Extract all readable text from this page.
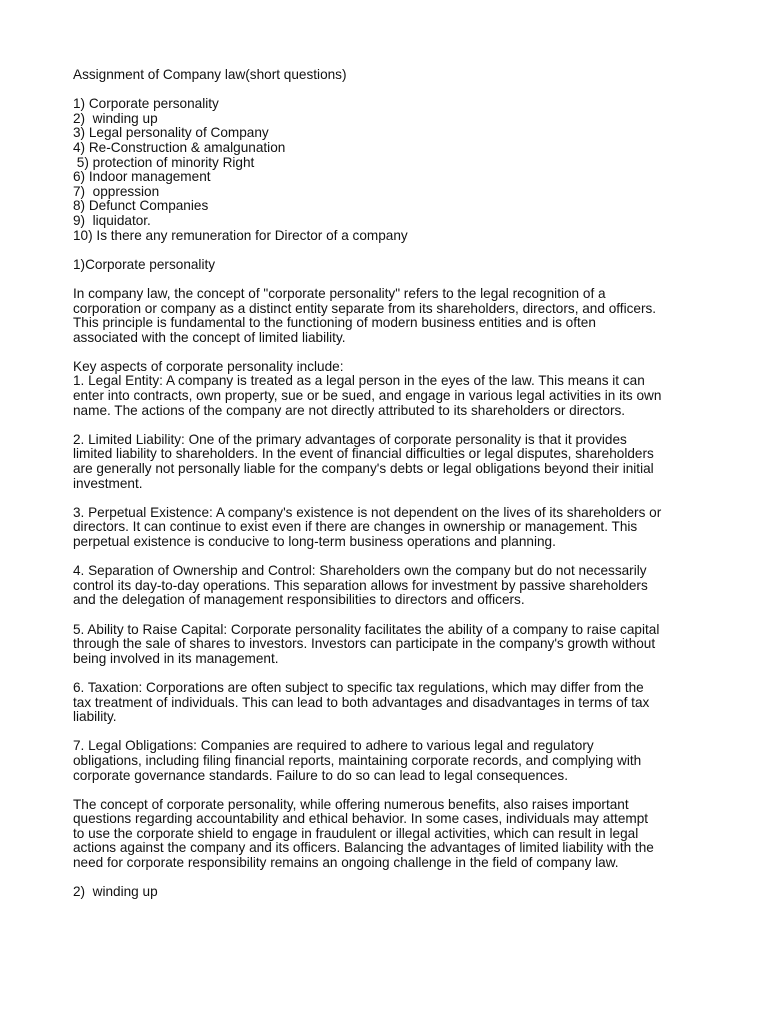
Assignment of Company law(short questions)
1) Corporate personality
2)  winding up
3) Legal personality of Company
4) Re-Construction & amalgunation
5) protection of minority Right
6) Indoor management
7)  oppression
8) Defunct Companies
9)  liquidator.
10) Is there any remuneration for Director of a company
1)Corporate personality
In company law, the concept of "corporate personality" refers to the legal recognition of a
corporation or company as a distinct entity separate from its shareholders, directors, and officers.
This principle is fundamental to the functioning of modern business entities and is often
associated with the concept of limited liability.
Key aspects of corporate personality include:
1. Legal Entity: A company is treated as a legal person in the eyes of the law. This means it can
enter into contracts, own property, sue or be sued, and engage in various legal activities in its own
name. The actions of the company are not directly attributed to its shareholders or directors.
2. Limited Liability: One of the primary advantages of corporate personality is that it provides
limited liability to shareholders. In the event of financial difficulties or legal disputes, shareholders
are generally not personally liable for the company's debts or legal obligations beyond their initial
investment.
3. Perpetual Existence: A company's existence is not dependent on the lives of its shareholders or
directors. It can continue to exist even if there are changes in ownership or management. This
perpetual existence is conducive to long-term business operations and planning.
4. Separation of Ownership and Control: Shareholders own the company but do not necessarily
control its day-to-day operations. This separation allows for investment by passive shareholders
and the delegation of management responsibilities to directors and officers.
5. Ability to Raise Capital: Corporate personality facilitates the ability of a company to raise capital
through the sale of shares to investors. Investors can participate in the company's growth without
being involved in its management.
6. Taxation: Corporations are often subject to specific tax regulations, which may differ from the
tax treatment of individuals. This can lead to both advantages and disadvantages in terms of tax
liability.
7. Legal Obligations: Companies are required to adhere to various legal and regulatory
obligations, including filing financial reports, maintaining corporate records, and complying with
corporate governance standards. Failure to do so can lead to legal consequences.
The concept of corporate personality, while offering numerous benefits, also raises important
questions regarding accountability and ethical behavior. In some cases, individuals may attempt
to use the corporate shield to engage in fraudulent or illegal activities, which can result in legal
actions against the company and its officers. Balancing the advantages of limited liability with the
need for corporate responsibility remains an ongoing challenge in the field of company law.
2)  winding up
